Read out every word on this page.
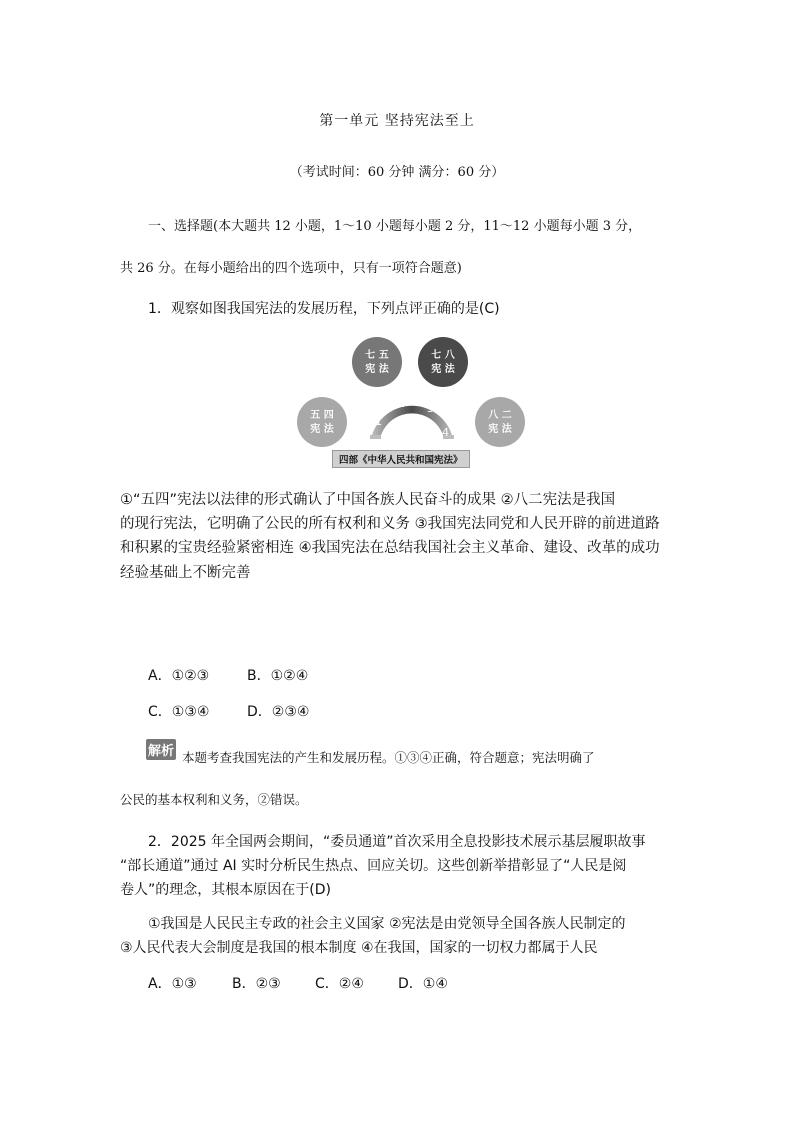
第一单元 坚持宪法至上
（考试时间：60 分钟 满分：60 分）
一、选择题(本大题共 12 小题，1～10 小题每小题 2 分，11～12 小题每小题 3 分，
共 26 分。在每小题给出的四个选项中，只有一项符合题意)
1．观察如图我国宪法的发展历程，下列点评正确的是(C)
1
2 3
4
五 四
宪 法
七 五
宪 法
七 八
宪 法
八 二
宪 法
四部《中华人民共和国宪法》
①“五四”宪法以法律的形式确认了中国各族人民奋斗的成果 ②八二宪法是我国
的现行宪法，它明确了公民的所有权利和义务 ③我国宪法同党和人民开辟的前进道路
和积累的宝贵经验紧密相连 ④我国宪法在总结我国社会主义革命、建设、改革的成功
经验基础上不断完善
A．①②③	B．①②④
C．①③④	D．②③④
解析 本题考查我国宪法的产生和发展历程。①③④正确，符合题意；宪法明确了
公民的基本权利和义务，②错误。
2．2025 年全国两会期间，“委员通道”首次采用全息投影技术展示基层履职故事
“部长通道”通过 AI 实时分析民生热点、回应关切。这些创新举措彰显了“人民是阅
卷人”的理念，其根本原因在于(D)
①我国是人民民主专政的社会主义国家 ②宪法是由党领导全国各族人民制定的
③人民代表大会制度是我国的根本制度 ④在我国，国家的一切权力都属于人民
A．①③	B．②③ C．②④ D．①④
